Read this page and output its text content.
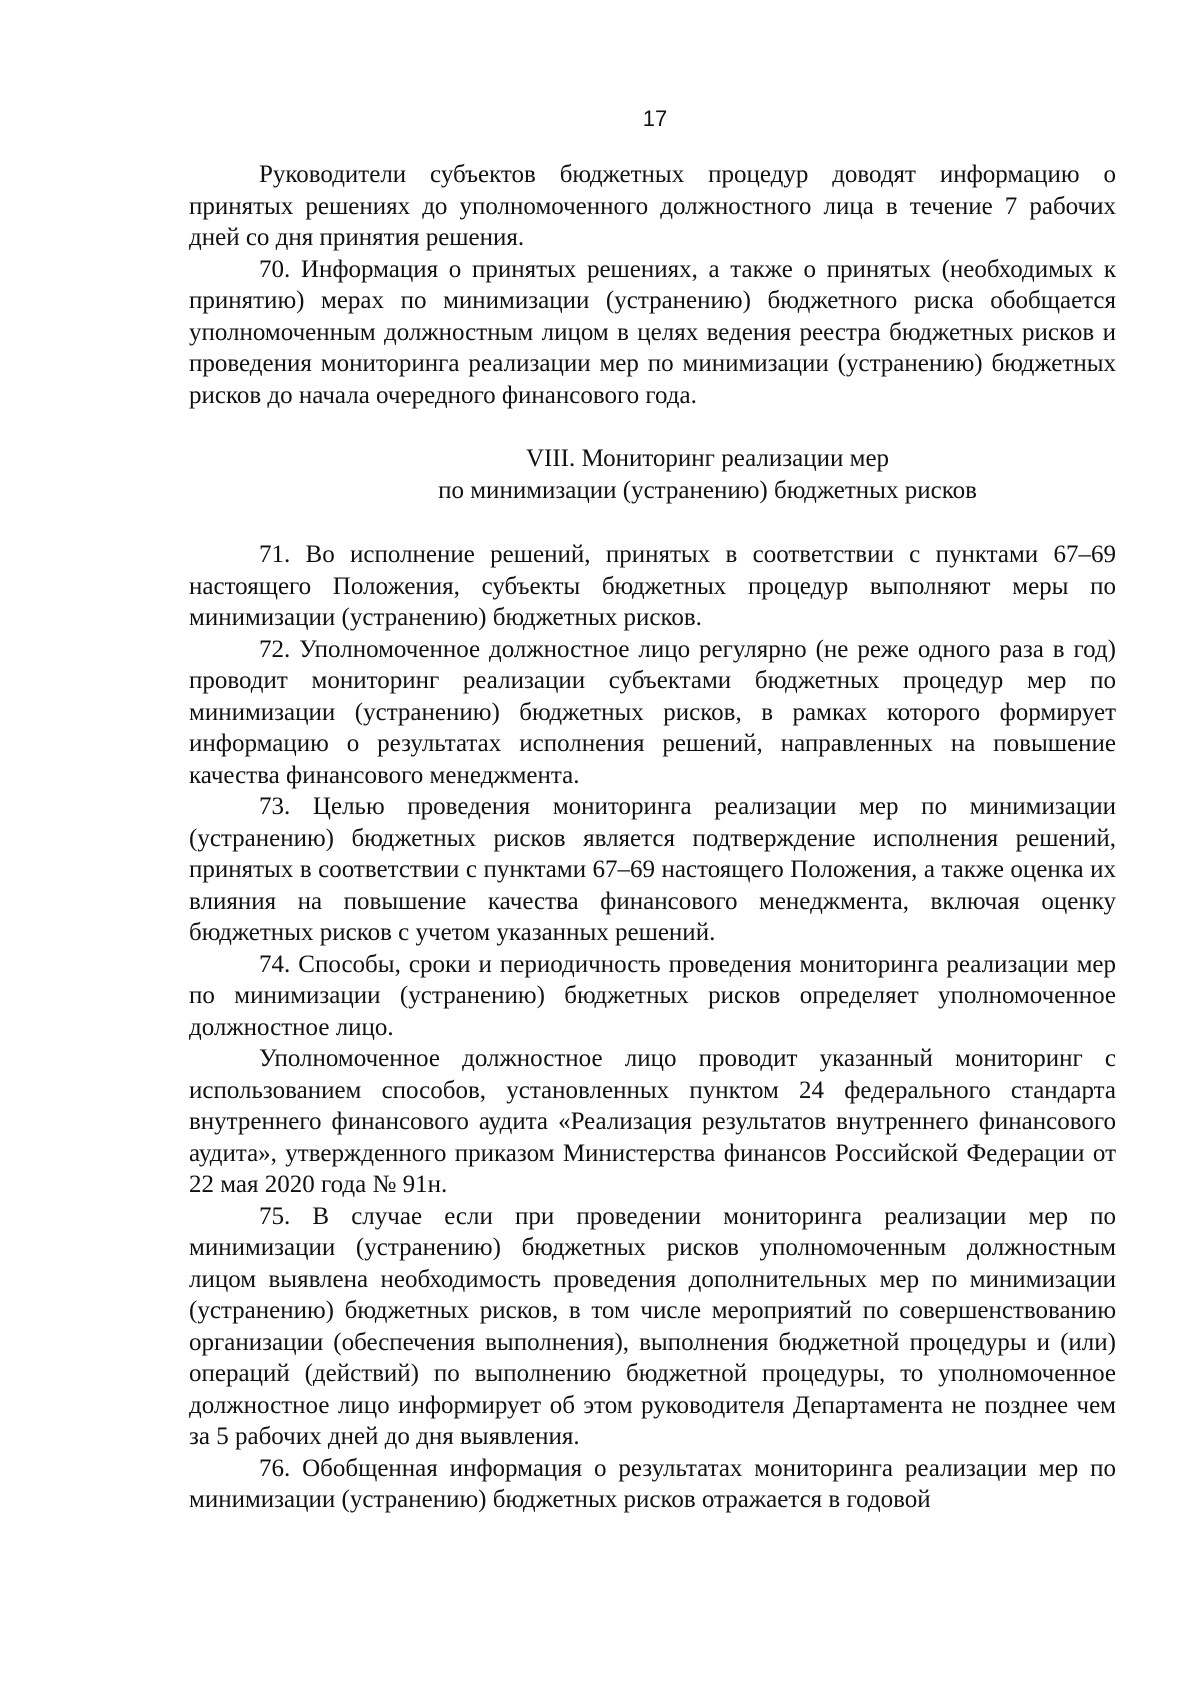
17

Руководители субъектов бюджетных процедур доводят информацию о принятых решениях до уполномоченного должностного лица в течение 7 рабочих дней со дня принятия решения.

70. Информация о принятых решениях, а также о принятых (необходимых к принятию) мерах по минимизации (устранению) бюджетного риска обобщается уполномоченным должностным лицом в целях ведения реестра бюджетных рисков и проведения мониторинга реализации мер по минимизации (устранению) бюджетных рисков до начала очередного финансового года.

VIII. Мониторинг реализации мер
по минимизации (устранению) бюджетных рисков

71. Во исполнение решений, принятых в соответствии с пунктами 67–69 настоящего Положения, субъекты бюджетных процедур выполняют меры по минимизации (устранению) бюджетных рисков.

72. Уполномоченное должностное лицо регулярно (не реже одного раза в год) проводит мониторинг реализации субъектами бюджетных процедур мер по минимизации (устранению) бюджетных рисков, в рамках которого формирует информацию о результатах исполнения решений, направленных на повышение качества финансового менеджмента.

73. Целью проведения мониторинга реализации мер по минимизации (устранению) бюджетных рисков является подтверждение исполнения решений, принятых в соответствии с пунктами 67–69 настоящего Положения, а также оценка их влияния на повышение качества финансового менеджмента, включая оценку бюджетных рисков с учетом указанных решений.

74. Способы, сроки и периодичность проведения мониторинга реализации мер по минимизации (устранению) бюджетных рисков определяет уполномоченное должностное лицо.

Уполномоченное должностное лицо проводит указанный мониторинг с использованием способов, установленных пунктом 24 федерального стандарта внутреннего финансового аудита «Реализация результатов внутреннего финансового аудита», утвержденного приказом Министерства финансов Российской Федерации от 22 мая 2020 года № 91н.

75. В случае если при проведении мониторинга реализации мер по минимизации (устранению) бюджетных рисков уполномоченным должностным лицом выявлена необходимость проведения дополнительных мер по минимизации (устранению) бюджетных рисков, в том числе мероприятий по совершенствованию организации (обеспечения выполнения), выполнения бюджетной процедуры и (или) операций (действий) по выполнению бюджетной процедуры, то уполномоченное должностное лицо информирует об этом руководителя Департамента не позднее чем за 5 рабочих дней до дня выявления.

76. Обобщенная информация о результатах мониторинга реализации мер по минимизации (устранению) бюджетных рисков отражается в годовой
